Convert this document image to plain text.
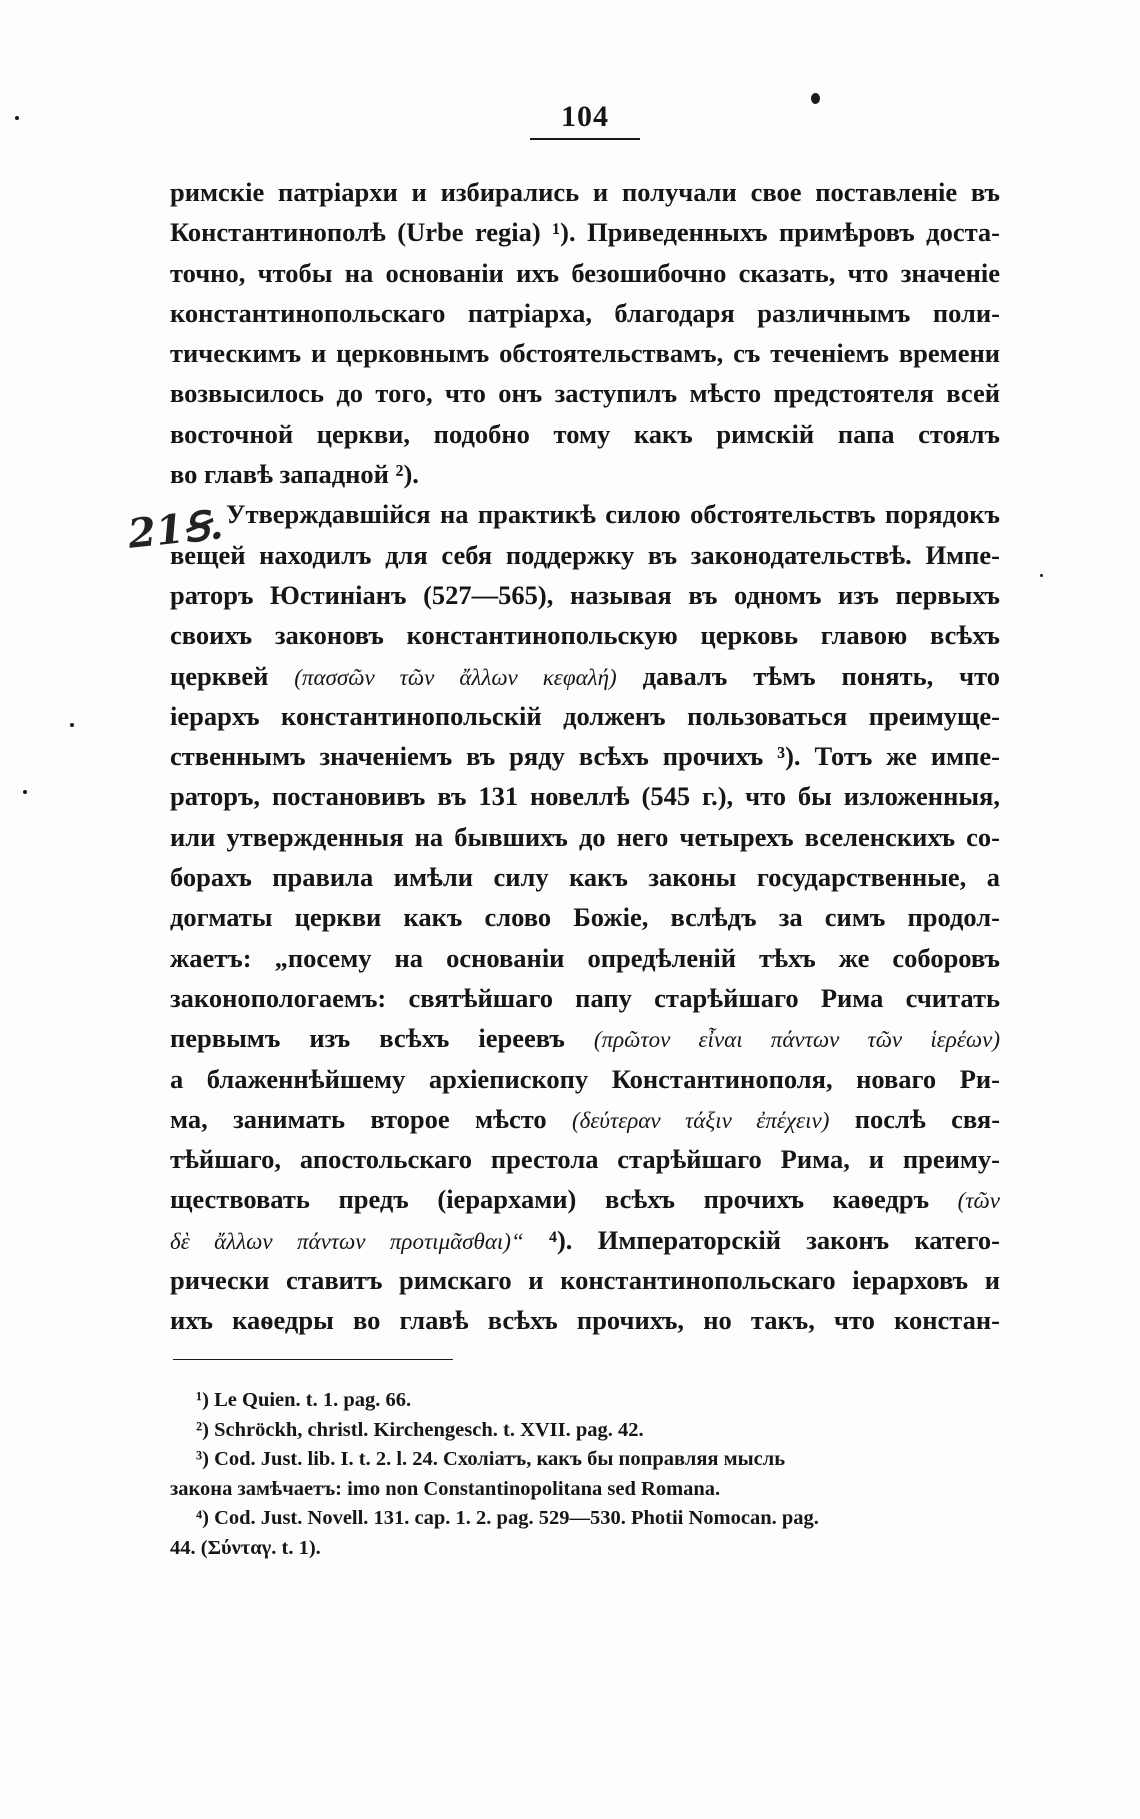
104
21Ꞩ.
римскіе патріархи и избирались и получали свое поставленіе въ
Константинополѣ (Urbe regia) ¹). Приведенныхъ примѣровъ доста-
точно, чтобы на основаніи ихъ безошибочно сказать, что значеніе
константинопольскаго патріарха, благодаря различнымъ поли-
тическимъ и церковнымъ обстоятельствамъ, съ теченіемъ времени
возвысилось до того, что онъ заступилъ мѣсто предстоятеля всей
восточной церкви, подобно тому какъ римскій папа стоялъ
во главѣ западной ²).
Утверждавшійся на практикѣ силою обстоятельствъ порядокъ
вещей находилъ для себя поддержку въ законодательствѣ. Импе-
раторъ Юстиніанъ (527—565), называя въ одномъ изъ первыхъ
своихъ законовъ константинопольскую церковь главою всѣхъ
церквей (πασσῶν τῶν ἄλλων κεφαλή) давалъ тѣмъ понять, что
іерархъ константинопольскій долженъ пользоваться преимуще-
ственнымъ значеніемъ въ ряду всѣхъ прочихъ ³). Тотъ же импе-
раторъ, постановивъ въ 131 новеллѣ (545 г.), что бы изложенныя,
или утвержденныя на бывшихъ до него четырехъ вселенскихъ со-
борахъ правила имѣли силу какъ законы государственные, а
догматы церкви какъ слово Божіе, вслѣдъ за симъ продол-
жаетъ: „посему на основаніи опредѣленій тѣхъ же соборовъ
законопологаемъ: святѣйшаго папу старѣйшаго Рима считать
первымъ изъ всѣхъ іереевъ (πρῶτον εἶναι πάντων τῶν ἱερέων)
а блаженнѣйшему архіепископу Константинополя, новаго Ри-
ма, занимать второе мѣсто (δεύτεραν τάξιν ἐπέχειν) послѣ свя-
тѣйшаго, апостольскаго престола старѣйшаго Рима, и преиму-
ществовать предъ (іерархами) всѣхъ прочихъ каѳедръ (τῶν
δὲ ἄλλων πάντων προτιμᾶσθαι)“ ⁴). Императорскій законъ катего-
рически ставитъ римскаго и константинопольскаго іерарховъ и
ихъ каѳедры во главѣ всѣхъ прочихъ, но такъ, что констан-
¹) Le Quien. t. 1. pag. 66.
²) Schröckh, christl. Kirchengesch. t. XVII. pag. 42.
³) Cod. Just. lib. I. t. 2. l. 24. Схоліатъ, какъ бы поправляя мысль
закона замѣчаетъ: imo non Constantinopolitana sed Romana.
⁴) Cod. Just. Novell. 131. cap. 1. 2. pag. 529—530. Photii Nomocan. pag.
44. (Σύνταγ. t. 1).
